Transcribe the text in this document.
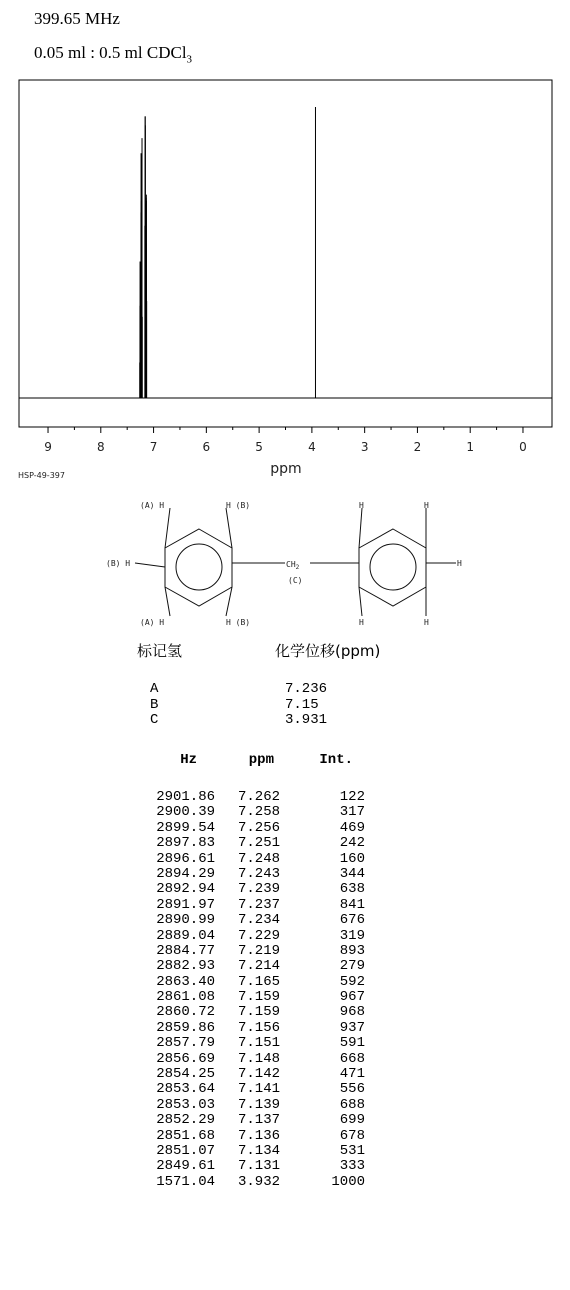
399.65 MHz
0.05 ml : 0.5 ml CDCl$_3$
9	8	7	6	5	4	3	2	1	0
ppm
HSP-49-397
(A) H	H (B)
(B) H
(A) H	H (B)
$CH_2$
(C)
H	H
H
H	H
标记氢	化学位移(ppm)
A	7.236
B	7.15
C	3.931
Hz	ppm	Int.
2901.86	7.262	122
2900.39	7.258	317
2899.54	7.256	469
2897.83	7.251	242
2896.61	7.248	160
2894.29	7.243	344
2892.94	7.239	638
2891.97	7.237	841
2890.99	7.234	676
2889.04	7.229	319
2884.77	7.219	893
2882.93	7.214	279
2863.40	7.165	592
2861.08	7.159	967
2860.72	7.159	968
2859.86	7.156	937
2857.79	7.151	591
2856.69	7.148	668
2854.25	7.142	471
2853.64	7.141	556
2853.03	7.139	688
2852.29	7.137	699
2851.68	7.136	678
2851.07	7.134	531
2849.61	7.131	333
1571.04	3.932	1000
